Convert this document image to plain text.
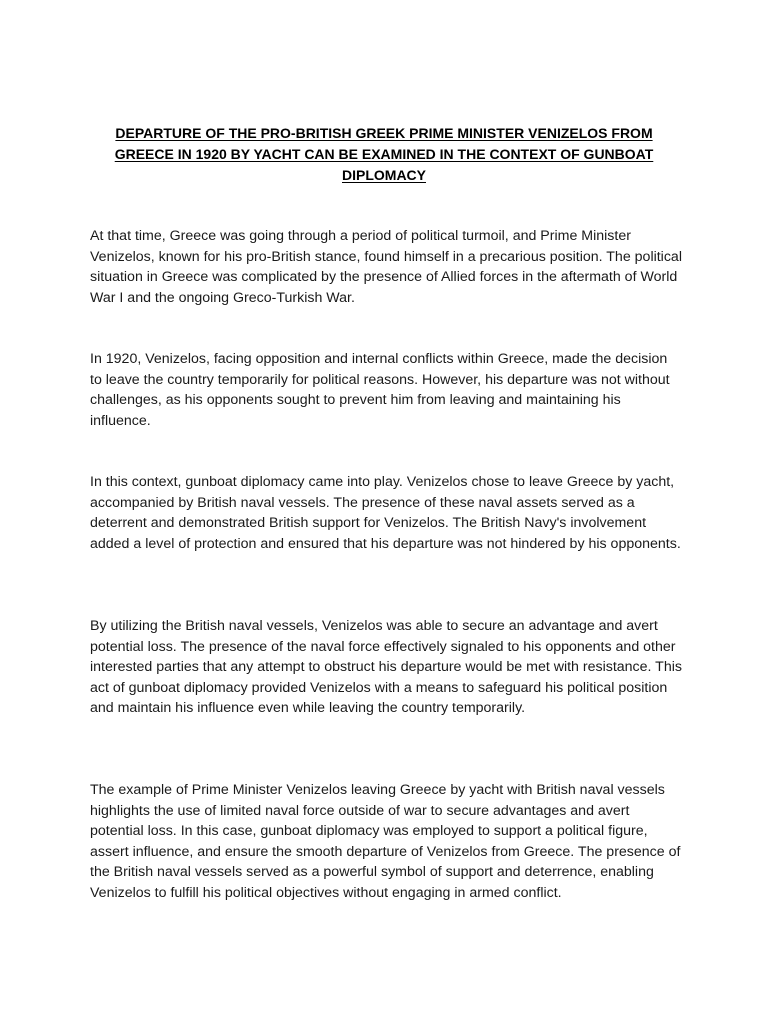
DEPARTURE OF THE PRO-BRITISH GREEK PRIME MINISTER VENIZELOS FROM GREECE IN 1920 BY YACHT CAN BE EXAMINED IN THE CONTEXT OF GUNBOAT DIPLOMACY

At that time, Greece was going through a period of political turmoil, and Prime Minister Venizelos, known for his pro-British stance, found himself in a precarious position. The political situation in Greece was complicated by the presence of Allied forces in the aftermath of World War I and the ongoing Greco-Turkish War.

In 1920, Venizelos, facing opposition and internal conflicts within Greece, made the decision to leave the country temporarily for political reasons. However, his departure was not without challenges, as his opponents sought to prevent him from leaving and maintaining his influence.

In this context, gunboat diplomacy came into play. Venizelos chose to leave Greece by yacht, accompanied by British naval vessels. The presence of these naval assets served as a deterrent and demonstrated British support for Venizelos. The British Navy's involvement added a level of protection and ensured that his departure was not hindered by his opponents.

By utilizing the British naval vessels, Venizelos was able to secure an advantage and avert potential loss. The presence of the naval force effectively signaled to his opponents and other interested parties that any attempt to obstruct his departure would be met with resistance. This act of gunboat diplomacy provided Venizelos with a means to safeguard his political position and maintain his influence even while leaving the country temporarily.

The example of Prime Minister Venizelos leaving Greece by yacht with British naval vessels highlights the use of limited naval force outside of war to secure advantages and avert potential loss. In this case, gunboat diplomacy was employed to support a political figure, assert influence, and ensure the smooth departure of Venizelos from Greece. The presence of the British naval vessels served as a powerful symbol of support and deterrence, enabling Venizelos to fulfill his political objectives without engaging in armed conflict.
